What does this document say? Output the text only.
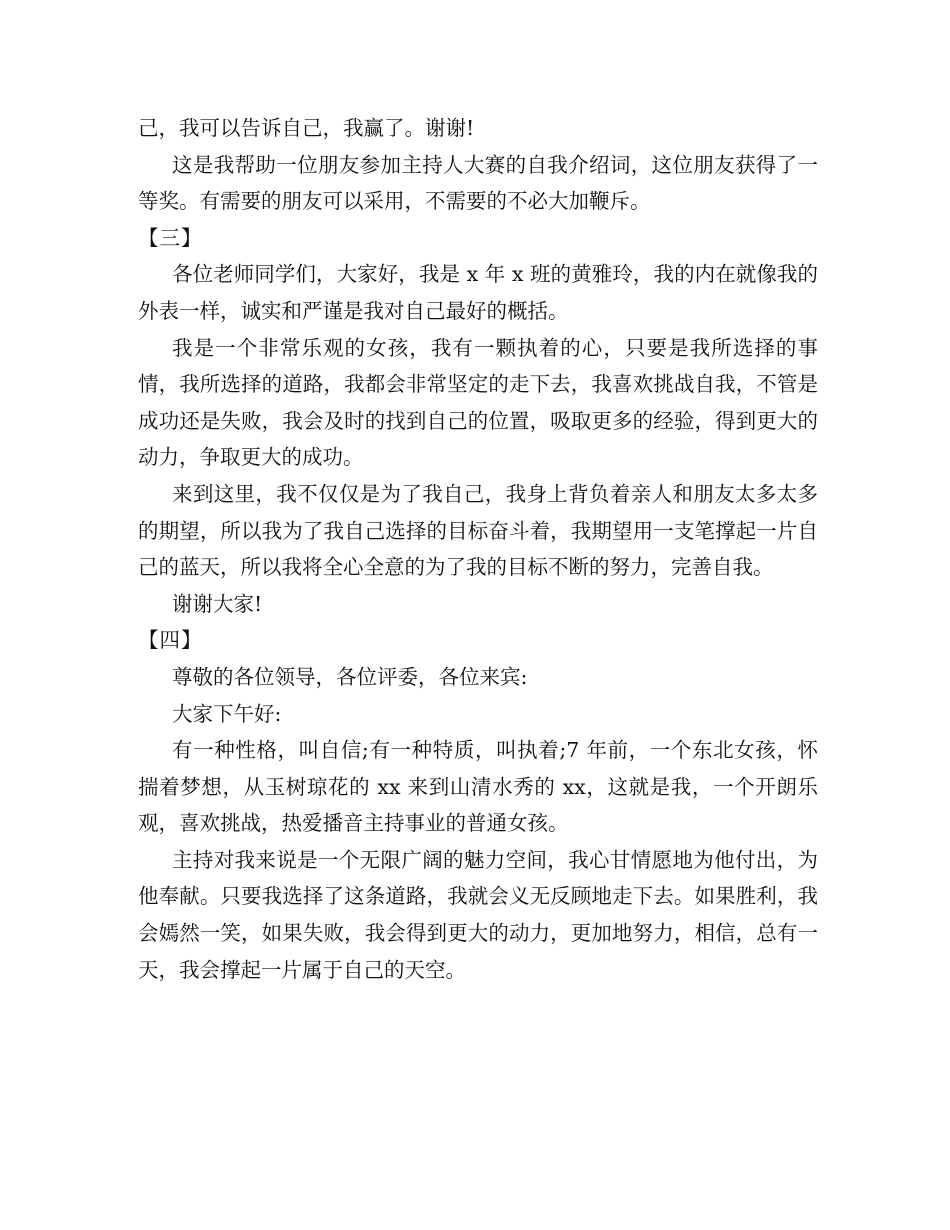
己，我可以告诉自己，我赢了。谢谢!

这是我帮助一位朋友参加主持人大赛的自我介绍词，这位朋友获得了一等奖。有需要的朋友可以采用，不需要的不必大加鞭斥。

【三】

各位老师同学们，大家好，我是 x 年 x 班的黄雅玲，我的内在就像我的外表一样，诚实和严谨是我对自己最好的概括。

我是一个非常乐观的女孩，我有一颗执着的心，只要是我所选择的事情，我所选择的道路，我都会非常坚定的走下去，我喜欢挑战自我，不管是成功还是失败，我会及时的找到自己的位置，吸取更多的经验，得到更大的动力，争取更大的成功。

来到这里，我不仅仅是为了我自己，我身上背负着亲人和朋友太多太多的期望，所以我为了我自己选择的目标奋斗着，我期望用一支笔撑起一片自己的蓝天，所以我将全心全意的为了我的目标不断的努力，完善自我。

谢谢大家!

【四】

尊敬的各位领导，各位评委，各位来宾:

大家下午好:

有一种性格，叫自信;有一种特质，叫执着;7 年前，一个东北女孩，怀揣着梦想，从玉树琼花的 xx 来到山清水秀的 xx，这就是我，一个开朗乐观，喜欢挑战，热爱播音主持事业的普通女孩。

主持对我来说是一个无限广阔的魅力空间，我心甘情愿地为他付出，为他奉献。只要我选择了这条道路，我就会义无反顾地走下去。如果胜利，我会嫣然一笑，如果失败，我会得到更大的动力，更加地努力，相信，总有一天，我会撑起一片属于自己的天空。
